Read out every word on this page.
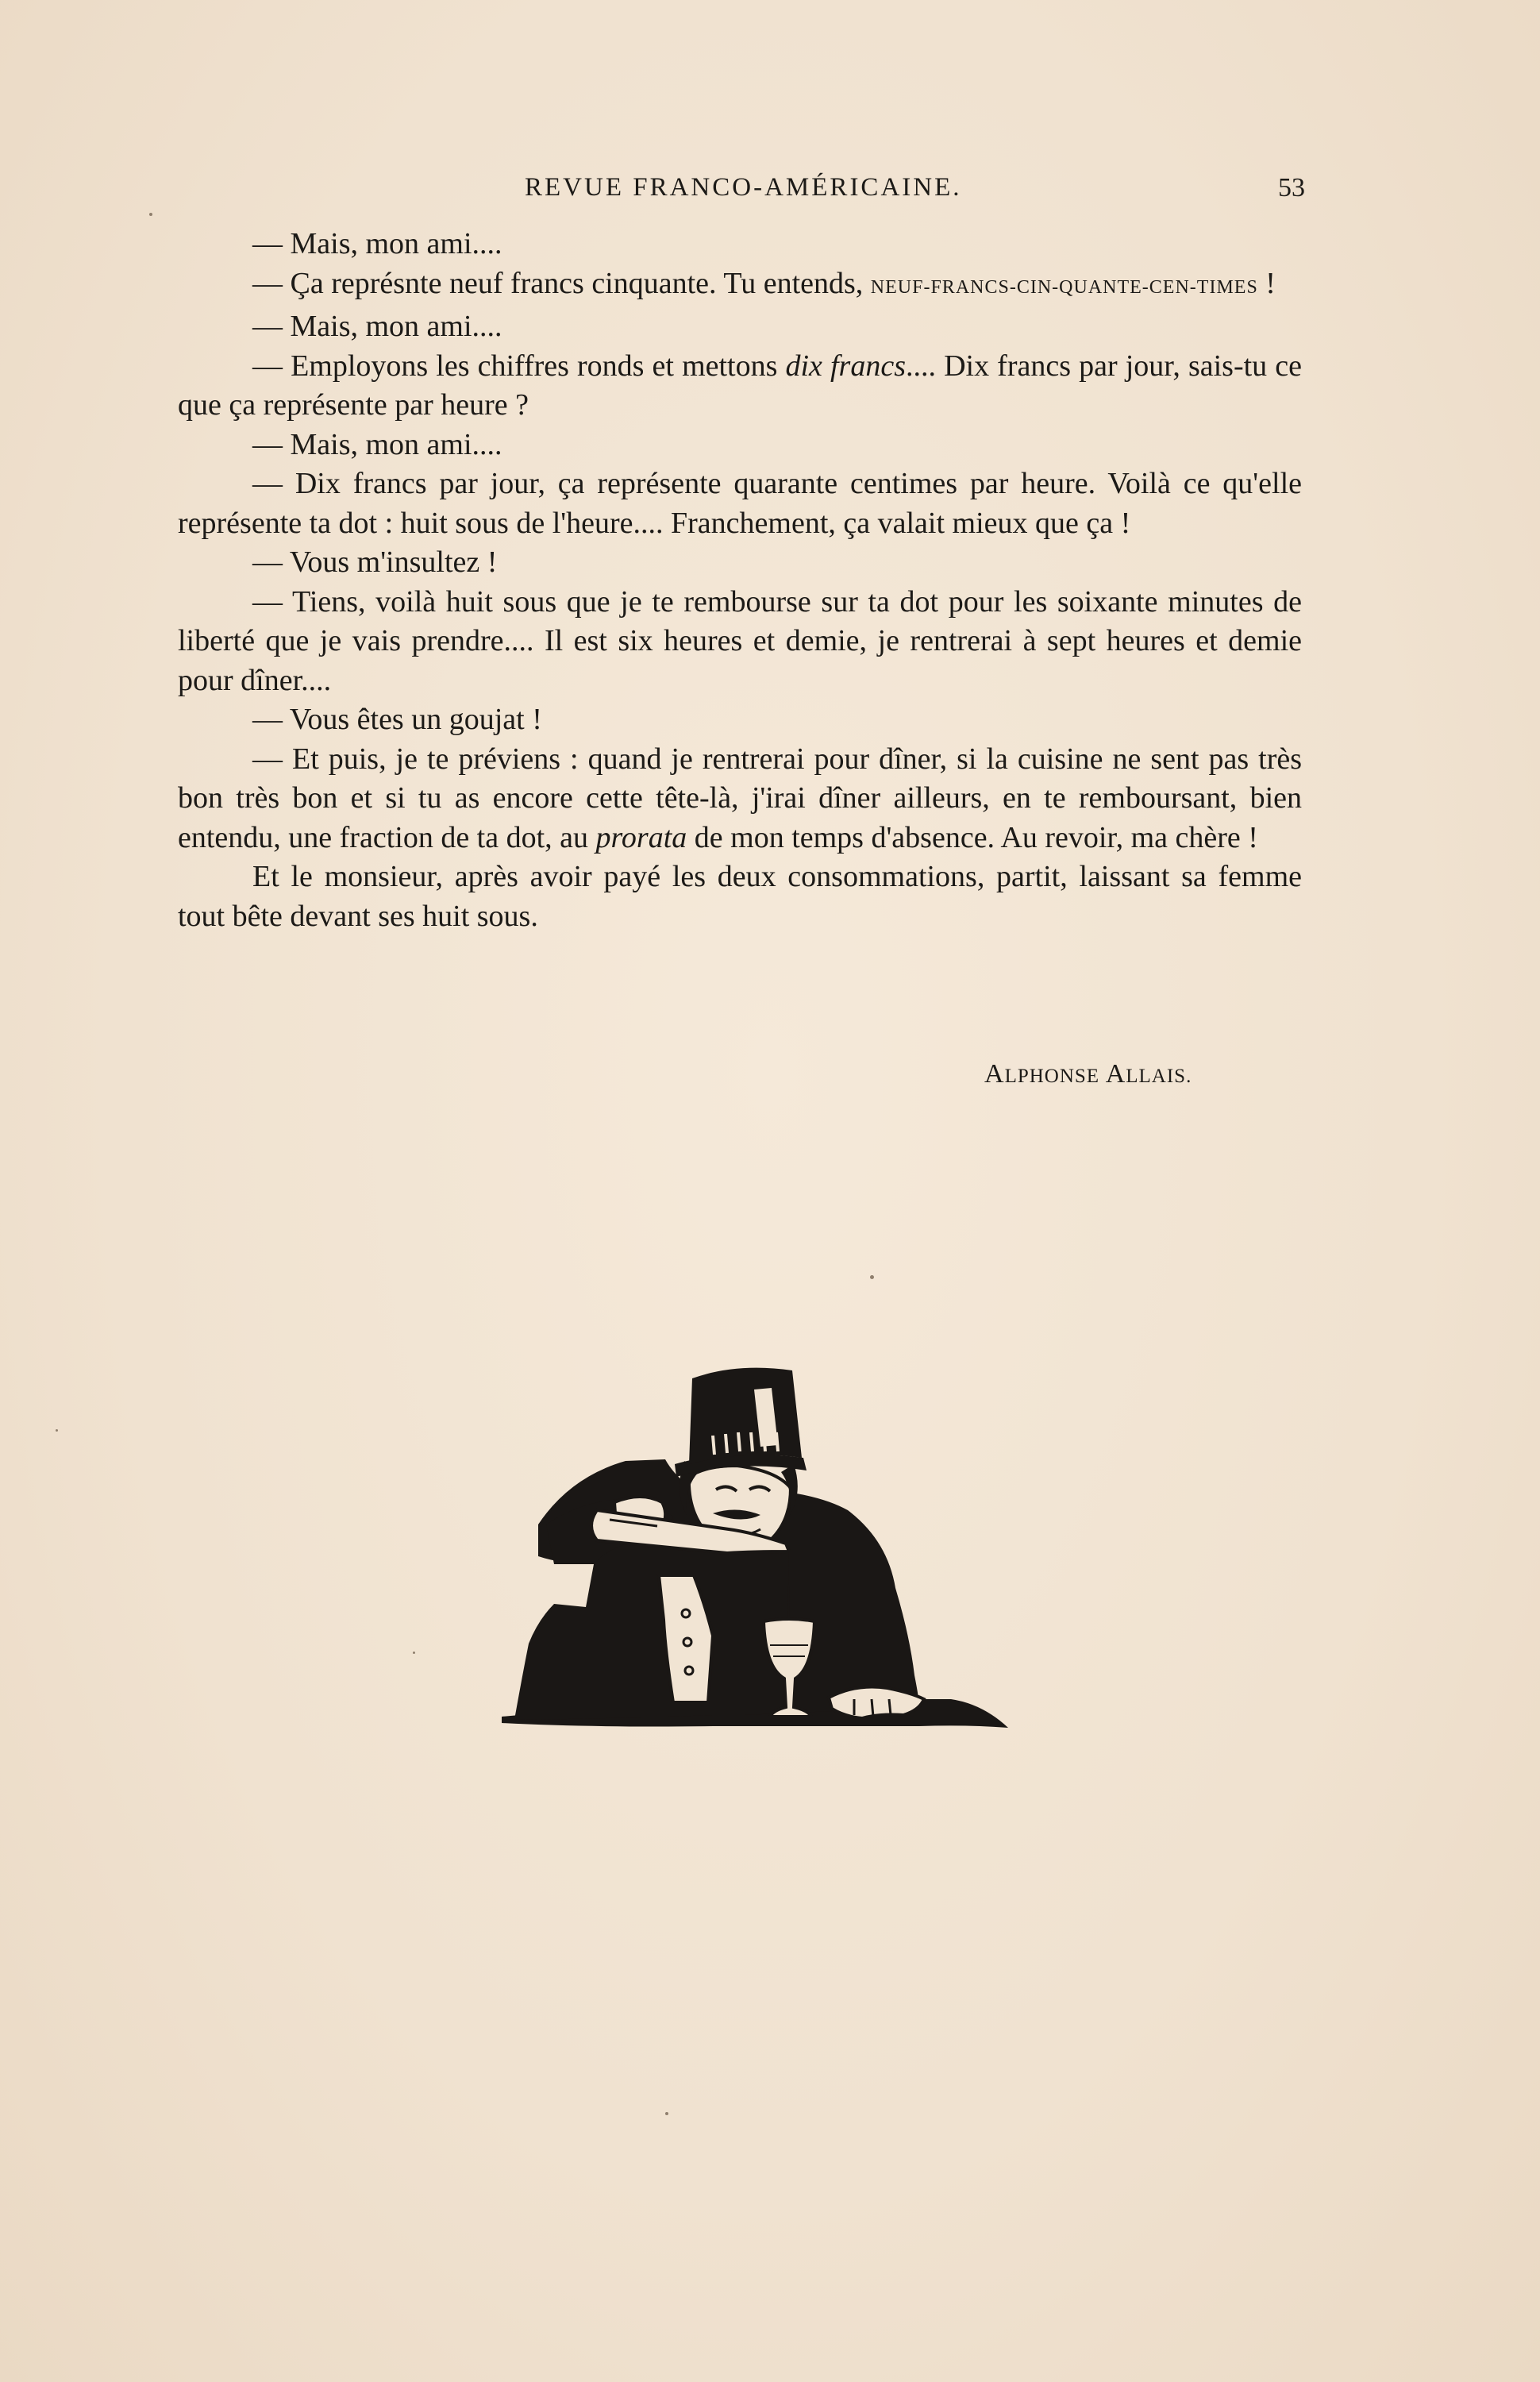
REVUE FRANCO-AMÉRICAINE.	53

— Mais, mon ami....

— Ça représnte neuf francs cinquante. Tu entends, NEUF-FRANCS-CIN-QUANTE-CEN-TIMES !

— Mais, mon ami....

— Employons les chiffres ronds et mettons dix francs.... Dix francs par jour, sais-tu ce que ça représente par heure ?

— Mais, mon ami....

— Dix francs par jour, ça représente quarante centimes par heure. Voilà ce qu'elle représente ta dot : huit sous de l'heure.... Franchement, ça valait mieux que ça !

— Vous m'insultez !

— Tiens, voilà huit sous que je te rembourse sur ta dot pour les soixante minutes de liberté que je vais prendre.... Il est six heures et demie, je rentrerai à sept heures et demie pour dîner....

— Vous êtes un goujat !

— Et puis, je te préviens : quand je rentrerai pour dîner, si la cuisine ne sent pas très bon très bon et si tu as encore cette tête-là, j'irai dîner ailleurs, en te remboursant, bien entendu, une fraction de ta dot, au prorata de mon temps d'absence. Au revoir, ma chère !

Et le monsieur, après avoir payé les deux consommations, partit, laissant sa femme tout bête devant ses huit sous.

ALPHONSE ALLAIS.
